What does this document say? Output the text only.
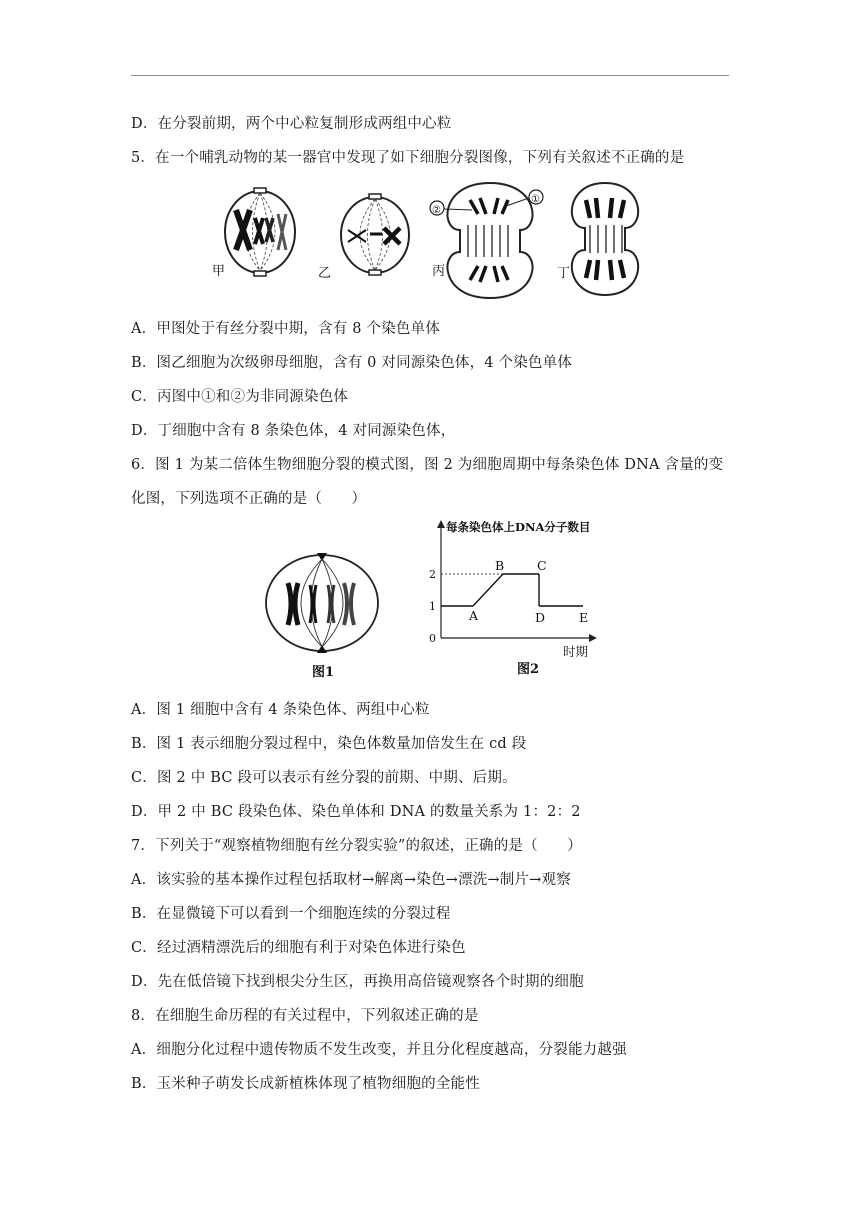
D．在分裂前期，两个中心粒复制形成两组中心粒
5．在一个哺乳动物的某一器官中发现了如下细胞分裂图像，下列有关叙述不正确的是
甲	乙
①
②
丙	丁
A．甲图处于有丝分裂中期，含有 8 个染色单体
B．图乙细胞为次级卵母细胞，含有 0 对同源染色体，4 个染色单体
C．丙图中①和②为非同源染色体
D．丁细胞中含有 8 条染色体，4 对同源染色体，
6．图 1 为某二倍体生物细胞分裂的模式图，图 2 为细胞周期中每条染色体 DNA 含量的变
化图，下列选项不正确的是（　　）
图1
每条染色体上DNA分子数目
时期
图2
0
1
2
A
B	C
D	E
A．图 1 细胞中含有 4 条染色体、两组中心粒
B．图 1 表示细胞分裂过程中，染色体数量加倍发生在 cd 段
C．图 2 中 BC 段可以表示有丝分裂的前期、中期、后期。
D．甲 2 中 BC 段染色体、染色单体和 DNA 的数量关系为 1：2：2
7．下列关于“观察植物细胞有丝分裂实验”的叙述，正确的是（　　）
A．该实验的基本操作过程包括取材→解离→染色→漂洗→制片→观察
B．在显微镜下可以看到一个细胞连续的分裂过程
C．经过酒精漂洗后的细胞有利于对染色体进行染色
D．先在低倍镜下找到根尖分生区，再换用高倍镜观察各个时期的细胞
8．在细胞生命历程的有关过程中，下列叙述正确的是
A．细胞分化过程中遗传物质不发生改变，并且分化程度越高，分裂能力越强
B．玉米种子萌发长成新植株体现了植物细胞的全能性
